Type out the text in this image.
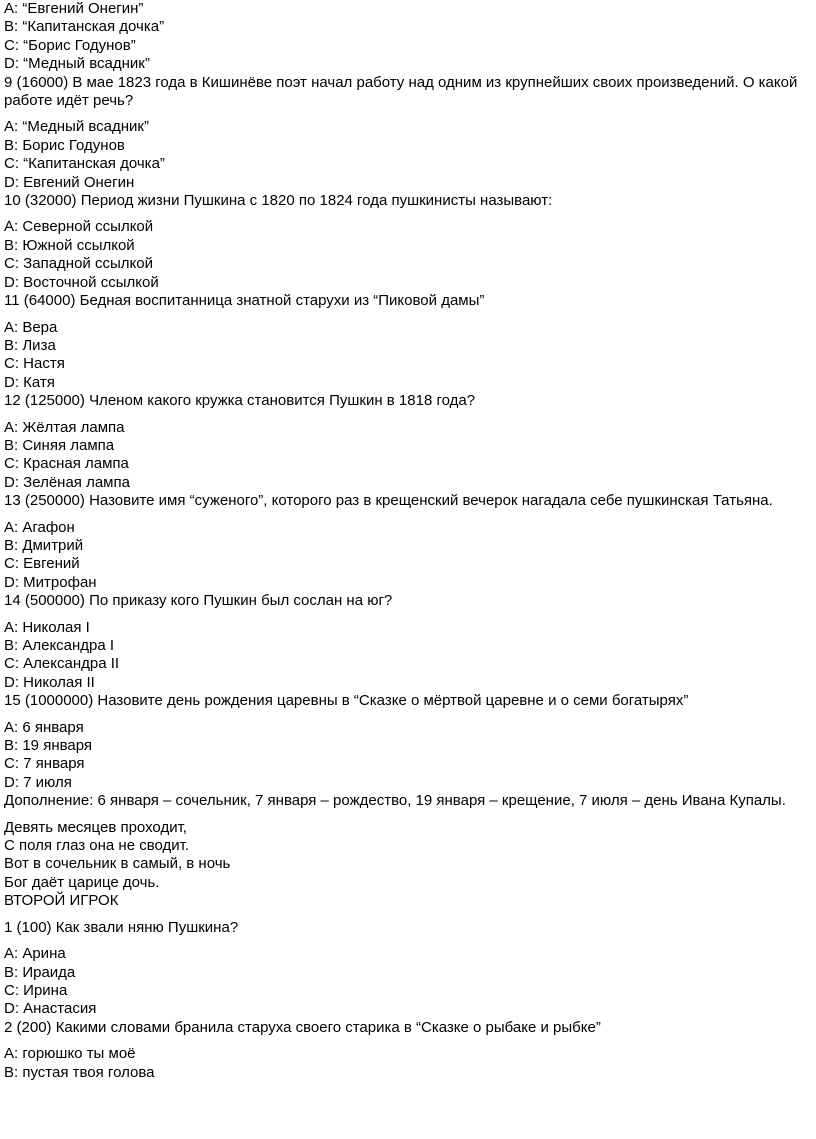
A: “Евгений Онегин”
B: “Капитанская дочка”
C: “Борис Годунов”
D: “Медный всадник”
9 (16000) В мае 1823 года в Кишинёве поэт начал работу над одним из крупнейших своих произведений. О какой работе идёт речь?
A: “Медный всадник”
B: Борис Годунов
C: “Капитанская дочка”
D: Евгений Онегин
10 (32000) Период жизни Пушкина с 1820 по 1824 года пушкинисты называют:
A: Северной ссылкой
B: Южной ссылкой
C: Западной ссылкой
D: Восточной ссылкой
11 (64000) Бедная воспитанница знатной старухи из “Пиковой дамы”
A: Вера
B: Лиза
C: Настя
D: Катя
12 (125000) Членом какого кружка становится Пушкин в 1818 года?
A: Жёлтая лампа
B: Синяя лампа
C: Красная лампа
D: Зелёная лампа
13 (250000) Назовите имя “суженого”, которого раз в крещенский вечерок нагадала себе пушкинская Татьяна.
A: Агафон
B: Дмитрий
C: Евгений
D: Митрофан
14 (500000) По приказу кого Пушкин был сослан на юг?
A: Николая I
B: Александра I
C: Александра II
D: Николая II
15 (1000000) Назовите день рождения царевны в “Сказке о мёртвой царевне и о семи богатырях”
A: 6 января
B: 19 января
C: 7 января
D: 7 июля
Дополнение: 6 января – сочельник, 7 января – рождество, 19 января – крещение, 7 июля – день Ивана Купалы.
Девять месяцев проходит,
С поля глаз она не сводит.
Вот в сочельник в самый, в ночь
Бог даёт царице дочь.
ВТОРОЙ ИГРОК
1 (100) Как звали няню Пушкина?
A: Арина
B: Ираида
C: Ирина
D: Анастасия
2 (200) Какими словами бранила старуха своего старика в “Сказке о рыбаке и рыбке”
A: горюшко ты моё
B: пустая твоя голова
